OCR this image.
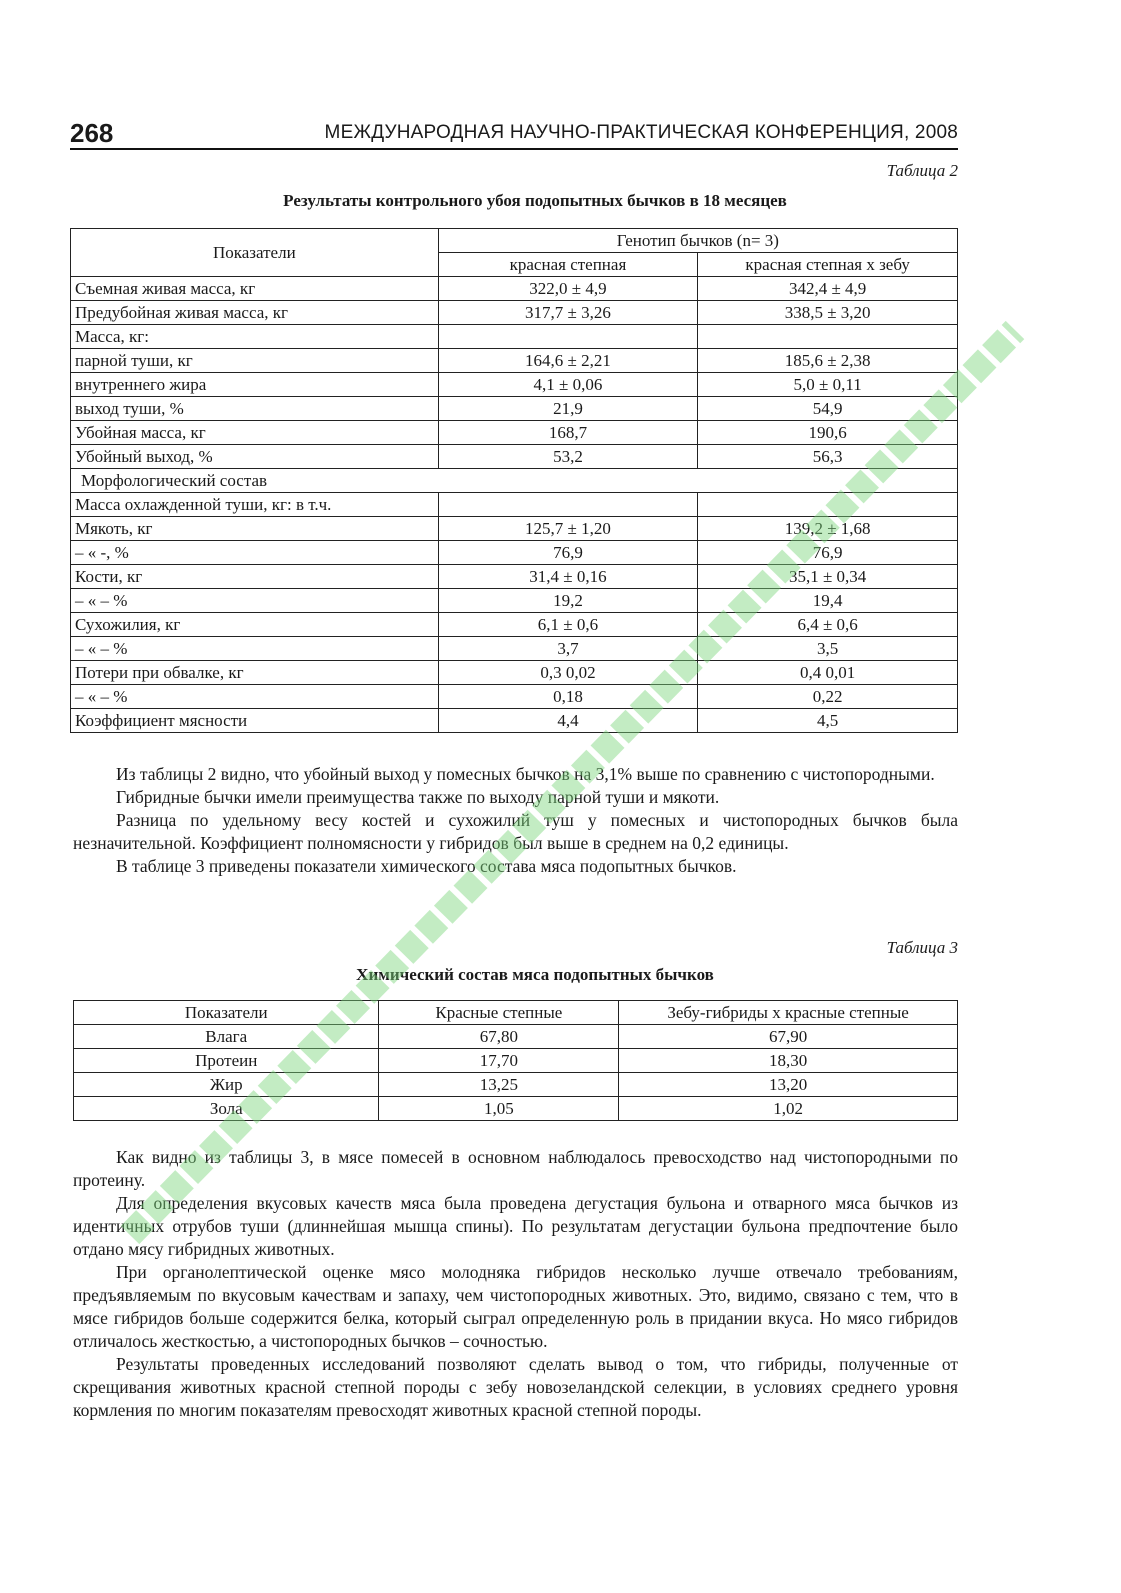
268	МЕЖДУНАРОДНАЯ НАУЧНО-ПРАКТИЧЕСКАЯ КОНФЕРЕНЦИЯ, 2008
Таблица 2
Результаты контрольного убоя подопытных бычков в 18 месяцев
Показатели	Генотип бычков (n= 3)	
	красная степная	красная степная х зебу
Съемная живая масса, кг	322,0 ± 4,9	342,4 ± 4,9
Предубойная живая масса, кг	317,7 ± 3,26	338,5 ± 3,20
Масса, кг:		
парной туши, кг	164,6 ± 2,21	185,6 ± 2,38
внутреннего жира	4,1 ± 0,06	5,0 ± 0,11
выход туши, %	21,9	54,9
Убойная масса, кг	168,7	190,6
Убойный выход, %	53,2	56,3
Морфологический состав		
Масса охлажденной туши, кг: в т.ч.		
Мякоть, кг	125,7 ± 1,20	139,2 ± 1,68
– « -, %	76,9	76,9
Кости, кг	31,4 ± 0,16	35,1 ± 0,34
– « – %	19,2	19,4
Сухожилия, кг	6,1 ± 0,6	6,4 ± 0,6
– « – %	3,7	3,5
Потери при обвалке, кг	0,3 0,02	0,4 0,01
– « – %	0,18	0,22
Коэффициент мясности	4,4	4,5
Из таблицы 2 видно, что убойный выход у помесных бычков на 3,1% выше по сравнению с чистопородными.
Гибридные бычки имели преимущества также по выходу парной туши и мякоти.
Разница по удельному весу костей и сухожилий туш у помесных и чистопородных бычков была незначительной. Коэффициент полномясности у гибридов был выше в среднем на 0,2 единицы.
В таблице 3 приведены показатели химического состава мяса подопытных бычков.
Таблица 3
Химический состав мяса подопытных бычков
Показатели	Красные степные	Зебу-гибриды х красные степные
Влага	67,80	67,90
Протеин	17,70	18,30
Жир	13,25	13,20
Зола	1,05	1,02
Как видно из таблицы 3, в мясе помесей в основном наблюдалось превосходство над чистопородными по протеину.
Для определения вкусовых качеств мяса была проведена дегустация бульона и отварного мяса бычков из идентичных отрубов туши (длиннейшая мышца спины). По результатам дегустации бульона предпочтение было отдано мясу гибридных животных.
При органолептической оценке мясо молодняка гибридов несколько лучше отвечало требованиям, предъявляемым по вкусовым качествам и запаху, чем чистопородных животных. Это, видимо, связано с тем, что в мясе гибридов больше содержится белка, который сыграл определенную роль в придании вкуса. Но мясо гибридов отличалось жесткостью, а чистопородных бычков – сочностью.
Результаты проведенных исследований позволяют сделать вывод о том, что гибриды, полученные от скрещивания животных красной степной породы с зебу новозеландской селекции, в условиях среднего уровня кормления по многим показателям превосходят животных красной степной породы.
